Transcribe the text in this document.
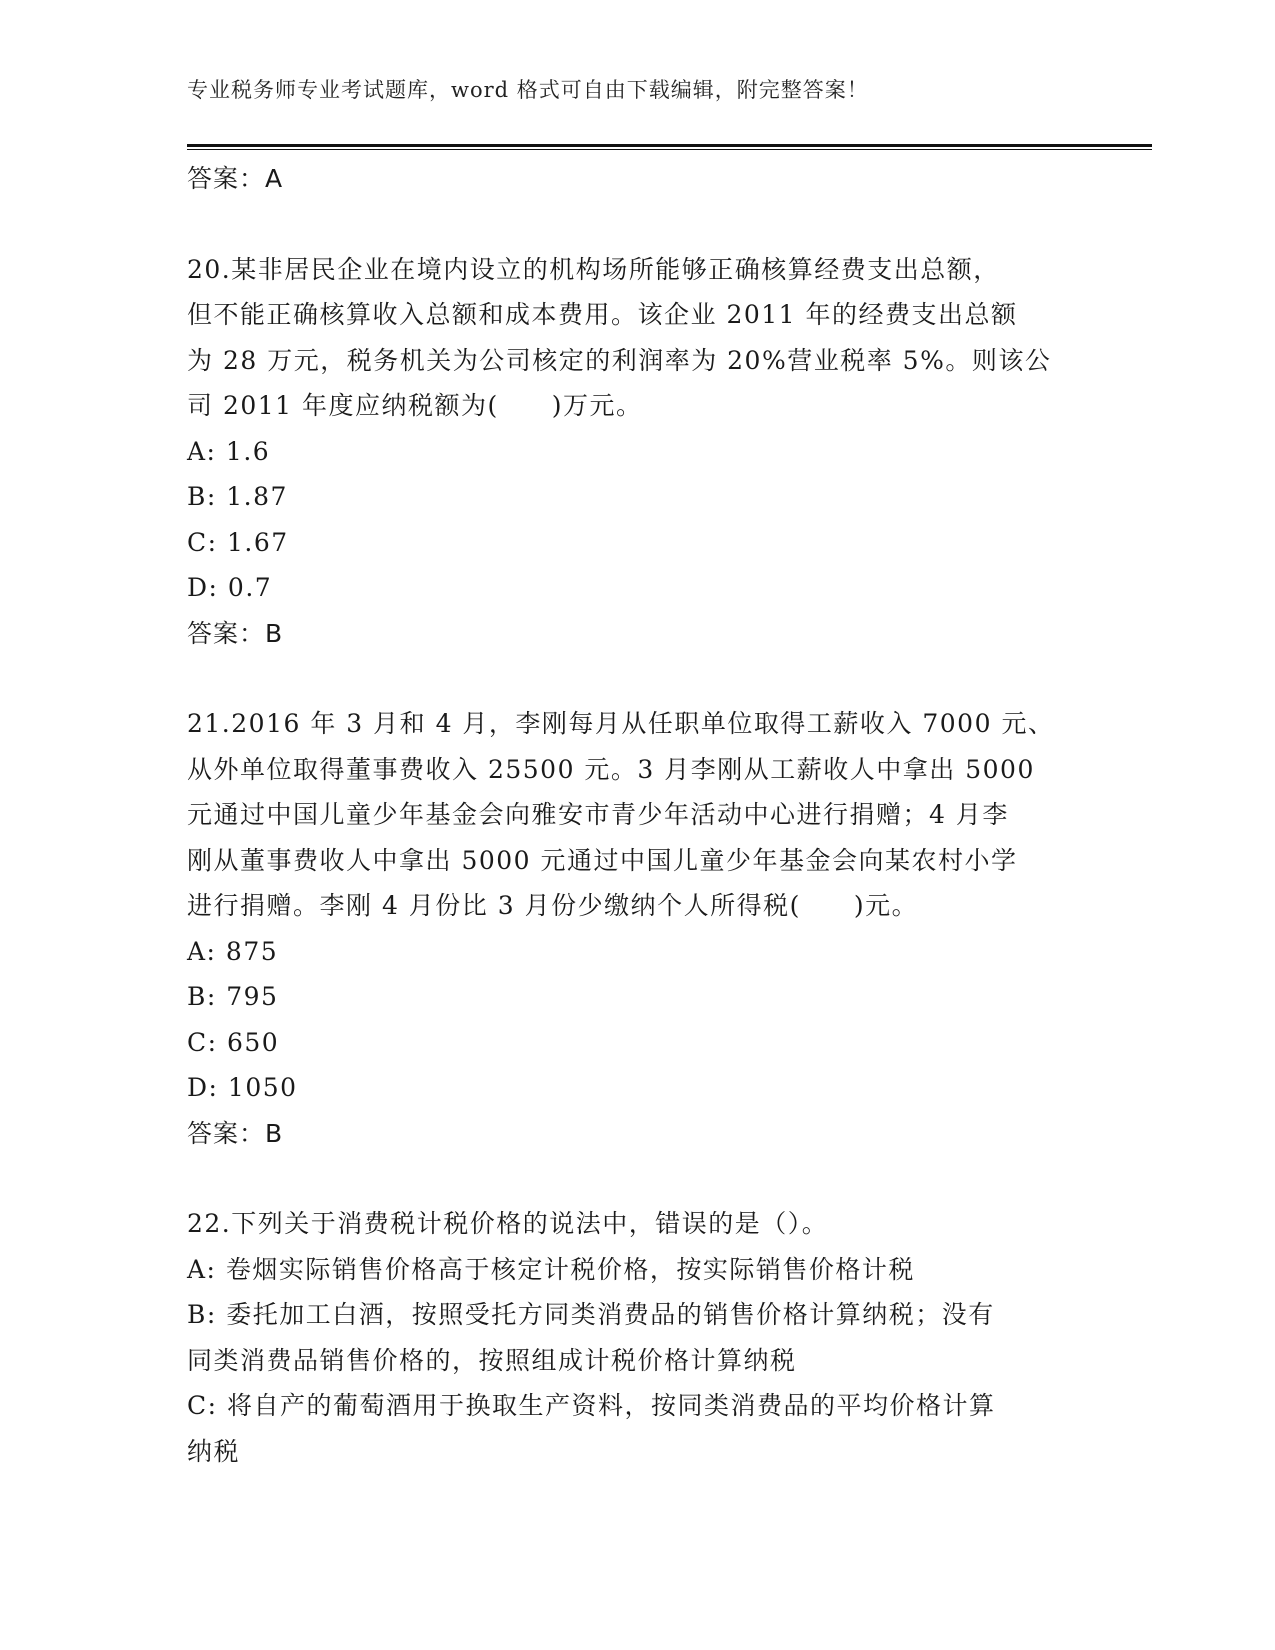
专业税务师专业考试题库，word 格式可自由下载编辑，附完整答案！
答案：A
20.某非居民企业在境内设立的机构场所能够正确核算经费支出总额，
但不能正确核算收入总额和成本费用。该企业 2011 年的经费支出总额
为 28 万元，税务机关为公司核定的利润率为 20%营业税率 5%。则该公
司 2011 年度应纳税额为(　　)万元。
A: 1.6
B: 1.87
C: 1.67
D: 0.7
答案：B
21.2016 年 3 月和 4 月，李刚每月从任职单位取得工薪收入 7000 元、
从外单位取得董事费收入 25500 元。3 月李刚从工薪收人中拿出 5000
元通过中国儿童少年基金会向雅安市青少年活动中心进行捐赠；4 月李
刚从董事费收人中拿出 5000 元通过中国儿童少年基金会向某农村小学
进行捐赠。李刚 4 月份比 3 月份少缴纳个人所得税(　　)元。
A: 875
B: 795
C: 650
D: 1050
答案：B
22.下列关于消费税计税价格的说法中，错误的是（）。
A: 卷烟实际销售价格高于核定计税价格，按实际销售价格计税
B: 委托加工白酒，按照受托方同类消费品的销售价格计算纳税；没有
同类消费品销售价格的，按照组成计税价格计算纳税
C: 将自产的葡萄酒用于换取生产资料，按同类消费品的平均价格计算
纳税
